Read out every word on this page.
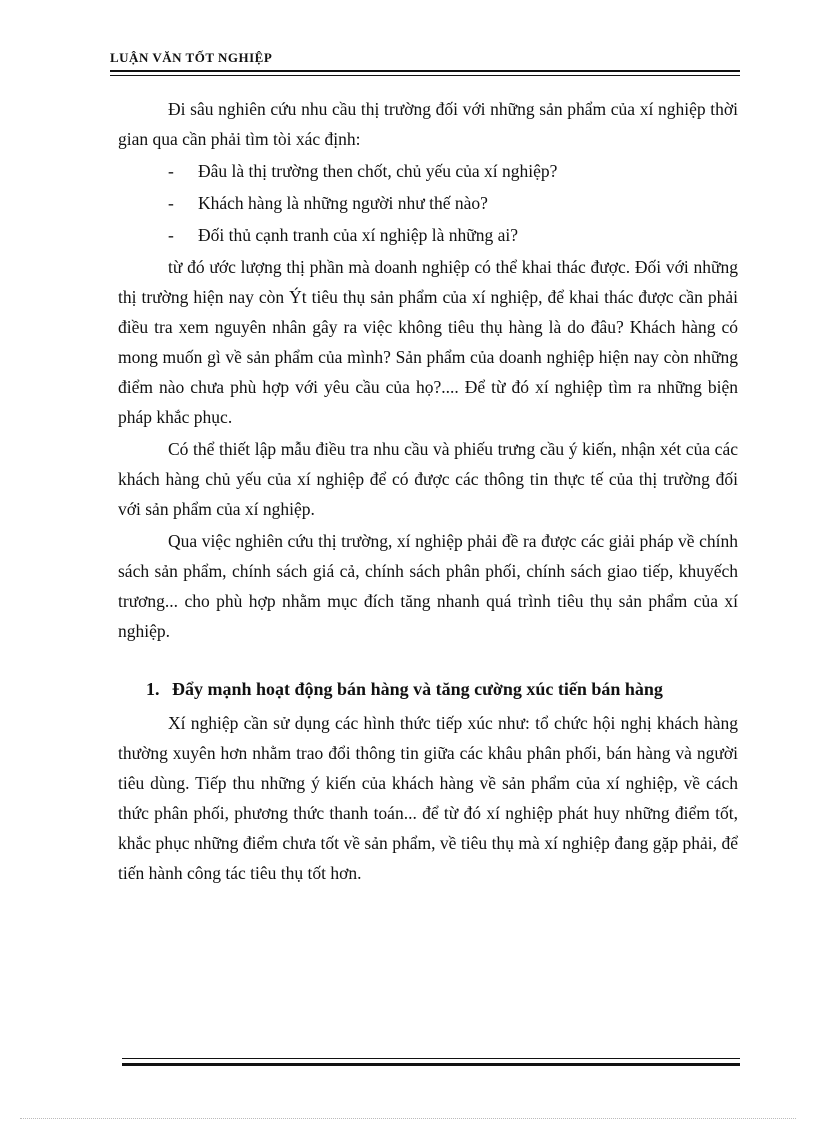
LUẬN VĂN TỐT NGHIỆP

Đi sâu nghiên cứu nhu cầu thị trường đối với những sản phẩm của xí nghiệp thời gian qua cần phải tìm tòi xác định:

- Đâu là thị trường then chốt, chủ yếu của xí nghiệp?
- Khách hàng là những người như thế nào?
- Đối thủ cạnh tranh của xí nghiệp là những ai?

từ đó ước lượng thị phần mà doanh nghiệp có thể khai thác được. Đối với những thị trường hiện nay còn Ýt tiêu thụ sản phẩm của xí nghiệp, để khai thác được cần phải điều tra xem nguyên nhân gây ra việc không tiêu thụ hàng là do đâu? Khách hàng có mong muốn gì về sản phẩm của mình? Sản phẩm của doanh nghiệp hiện nay còn những điểm nào chưa phù hợp với yêu cầu của họ?.... Để từ đó xí nghiệp tìm ra những biện pháp khắc phục.

Có thể thiết lập mẫu điều tra nhu cầu và phiếu trưng cầu ý kiến, nhận xét của các khách hàng chủ yếu của xí nghiệp để có được các thông tin thực tế của thị trường đối với sản phẩm của xí nghiệp.

Qua việc nghiên cứu thị trường, xí nghiệp phải đề ra được các giải pháp về chính sách sản phẩm, chính sách giá cả, chính sách phân phối, chính sách giao tiếp, khuyếch trương... cho phù hợp nhằm mục đích tăng nhanh quá trình tiêu thụ sản phẩm của xí nghiệp.

1. Đẩy mạnh hoạt động bán hàng và tăng cường xúc tiến bán hàng

Xí nghiệp cần sử dụng các hình thức tiếp xúc như: tổ chức hội nghị khách hàng thường xuyên hơn nhằm trao đổi thông tin giữa các khâu phân phối, bán hàng và người tiêu dùng. Tiếp thu những ý kiến của khách hàng về sản phẩm của xí nghiệp, về cách thức phân phối, phương thức thanh toán... để từ đó xí nghiệp phát huy những điểm tốt, khắc phục những điểm chưa tốt về sản phẩm, về tiêu thụ mà xí nghiệp đang gặp phải, để tiến hành công tác tiêu thụ tốt hơn.
